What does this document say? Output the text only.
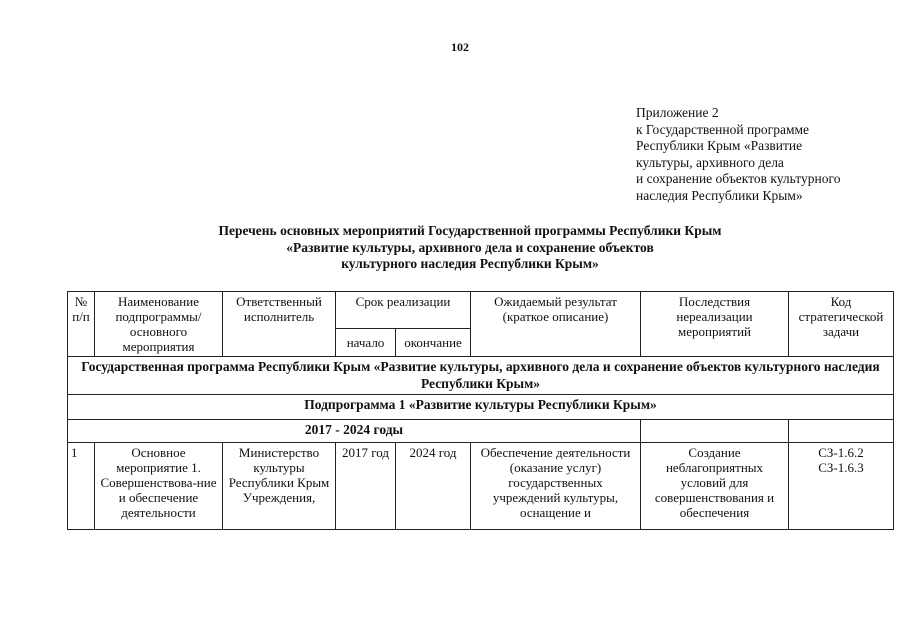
102
Приложение 2
к Государственной программе
Республики Крым «Развитие
культуры, архивного дела
и сохранение объектов культурного
наследия Республики Крым»
Перечень основных мероприятий Государственной программы Республики Крым
«Развитие культуры, архивного дела и сохранение объектов
культурного наследия Республики Крым»
№ п/п	Наименование подпрограммы/ основного мероприятия	Ответственный исполнитель	Срок реализации		Ожидаемый результат (краткое описание)	Последствия нереализации мероприятий	Код стратегической задачи
			начало	окончание			
Государственная программа Республики Крым «Развитие культуры, архивного дела и сохранение объектов культурного наследия Республики Крым»							
Подпрограмма 1 «Развитие культуры Республики Крым»							
2017 - 2024 годы							
1	Основное мероприятие 1. Совершенствова-ние и обеспечение деятельности	Министерство культуры Республики Крым Учреждения,	2017 год	2024 год	Обеспечение деятельности (оказание услуг) государственных учреждений культуры, оснащение и	Создание неблагоприятных условий для совершенствования и обеспечения	СЗ-1.6.2
СЗ-1.6.3
